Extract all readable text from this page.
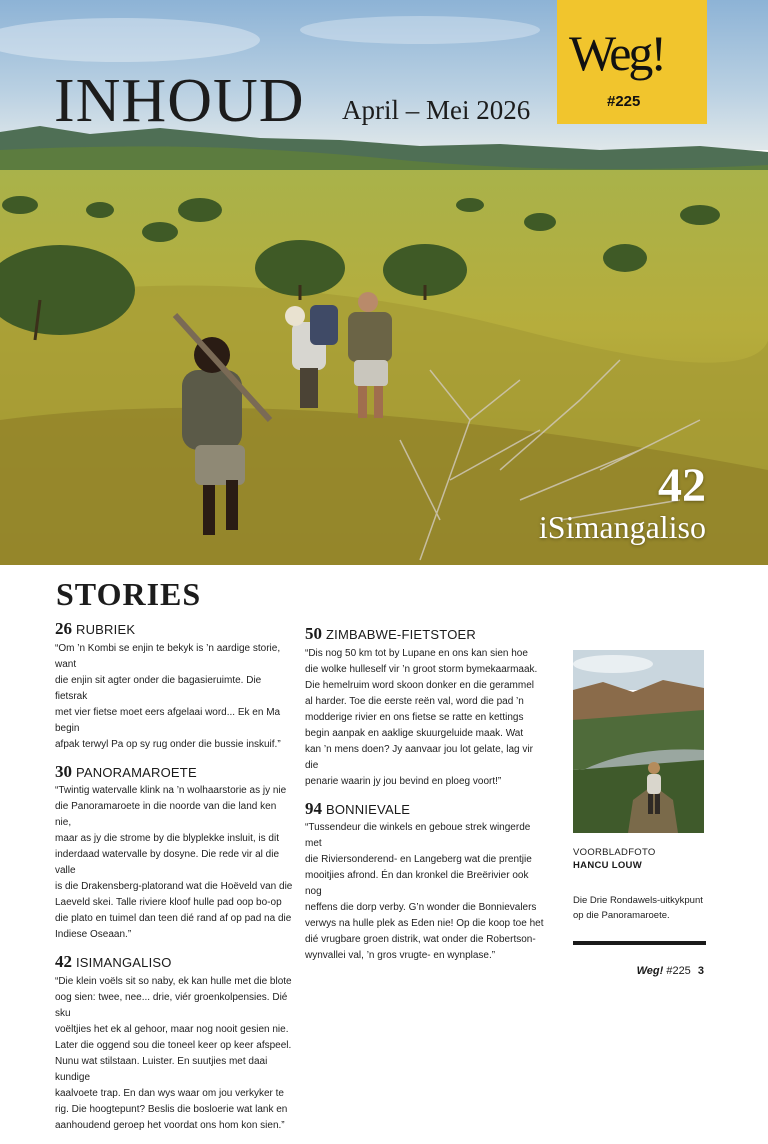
INHOUD April – Mei 2026
Weg!
#225
42
iSimangaliso
STORIES
26 RUBRIEK
“Om ’n Kombi se enjin te bekyk is ’n aardige storie, want
die enjin sit agter onder die bagasieruimte. Die fietsrak
met vier fietse moet eers afgelaai word... Ek en Ma begin
afpak terwyl Pa op sy rug onder die bussie inskuif.”
30 PANORAMAROETE
“Twintig watervalle klink na ’n wolhaarstorie as jy nie
die Panoramaroete in die noorde van die land ken nie,
maar as jy die strome by die blyplekke insluit, is dit
inderdaad watervalle by dosyne. Die rede vir al die valle
is die Drakensberg-platorand wat die Hoëveld van die
Laeveld skei. Talle riviere kloof hulle pad oop bo-op
die plato en tuimel dan teen dié rand af op pad na die
Indiese Oseaan.”
42 ISIMANGALISO
“Die klein voëls sit so naby, ek kan hulle met die blote
oog sien: twee, nee... drie, viér groenkolpensies. Dié sku
voëltjies het ek al gehoor, maar nog nooit gesien nie.
Later die oggend sou die toneel keer op keer afspeel.
Nunu wat stilstaan. Luister. En suutjies met daai kundige
kaalvoete trap. En dan wys waar om jou verkyker te
rig. Die hoogtepunt? Beslis die bosloerie wat lank en
aanhoudend geroep het voordat ons hom kon sien.”
50 ZIMBABWE-FIETSTOER
“Dis nog 50 km tot by Lupane en ons kan sien hoe
die wolke hulleself vir ’n groot storm bymekaarmaak.
Die hemelruim word skoon donker en die gerammel
al harder. Toe die eerste reën val, word die pad ’n
modderige rivier en ons fietse se ratte en kettings
begin aanpak en aaklige skuurgeluide maak. Wat
kan ’n mens doen? Jy aanvaar jou lot gelate, lag vir die
penarie waarin jy jou bevind en ploeg voort!”
94 BONNIEVALE
“Tussendeur die winkels en geboue strek wingerde met
die Riviersonderend- en Langeberg wat die prentjie
mooitjies afrond. Én dan kronkel die Breërivier ook nog
neffens die dorp verby. G’n wonder die Bonnievalers
verwys na hulle plek as Eden nie! Op die koop toe het
dié vrugbare groen distrik, wat onder die Robertson-
wynvallei val, ’n gros vrugte- en wynplase.”
VOORBLADFOTO
HANCU LOUW
Die Drie Rondawels-uitkykpunt op die Panoramaroete.
Weg! #225 3
